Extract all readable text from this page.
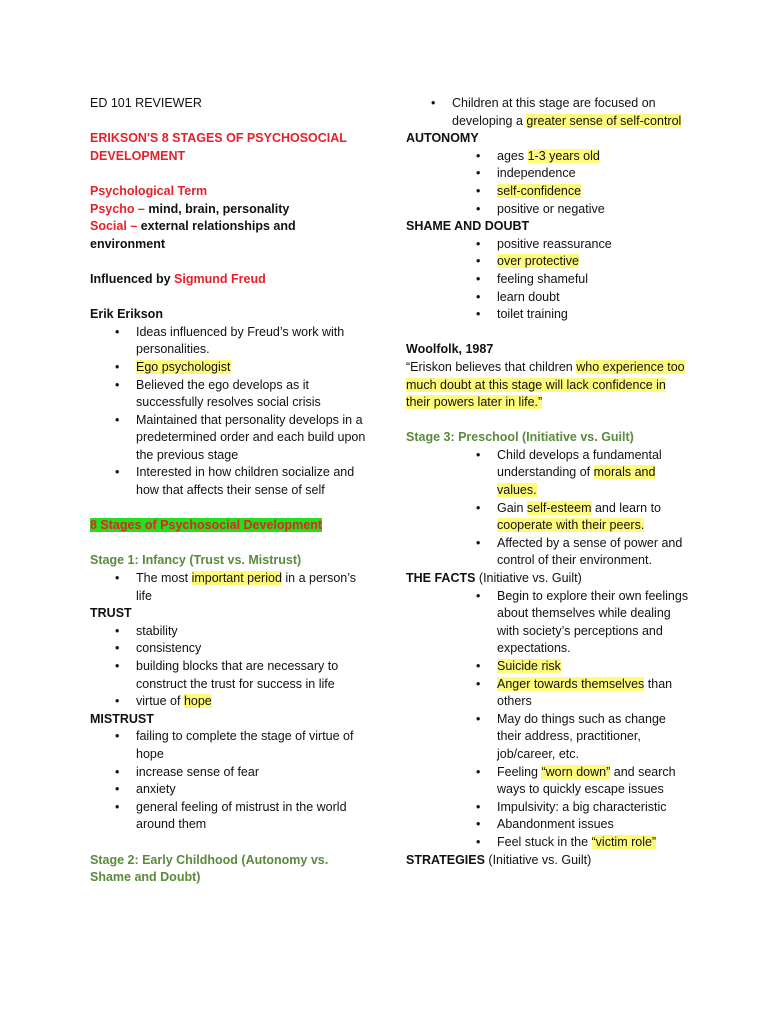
ED 101 REVIEWER

ERIKSON'S 8 STAGES OF PSYCHOSOCIAL DEVELOPMENT

Psychological Term

Psycho – mind, brain, personality

Social – external relationships and environment

Influenced by Sigmund Freud

Erik Erikson

• Ideas influenced by Freud’s work with personalities.
• Ego psychologist
• Believed the ego develops as it successfully resolves social crisis
• Maintained that personality develops in a predetermined order and each build upon the previous stage
• Interested in how children socialize and how that affects their sense of self

8 Stages of Psychosocial Development

Stage 1: Infancy (Trust vs. Mistrust)

• The most important period in a person’s life

TRUST

• stability
• consistency
• building blocks that are necessary to construct the trust for success in life
• virtue of hope

MISTRUST

• failing to complete the stage of virtue of hope
• increase sense of fear
• anxiety
• general feeling of mistrust in the world around them

Stage 2: Early Childhood (Autonomy vs. Shame and Doubt)

• Children at this stage are focused on developing a greater sense of self-control

AUTONOMY

• ages 1-3 years old
• independence
• self-confidence
• positive or negative

SHAME AND DOUBT

• positive reassurance
• over protective
• feeling shameful
• learn doubt
• toilet training

Woolfolk, 1987

“Eriskon believes that children who experience too much doubt at this stage will lack confidence in their powers later in life.”

Stage 3: Preschool (Initiative vs. Guilt)

• Child develops a fundamental understanding of morals and values.
• Gain self-esteem and learn to cooperate with their peers.
• Affected by a sense of power and control of their environment.

THE FACTS (Initiative vs. Guilt)

• Begin to explore their own feelings about themselves while dealing with society’s perceptions and expectations.
• Suicide risk
• Anger towards themselves than others
• May do things such as change their address, practitioner, job/career, etc.
• Feeling “worn down” and search ways to quickly escape issues
• Impulsivity: a big characteristic
• Abandonment issues
• Feel stuck in the “victim role”

STRATEGIES (Initiative vs. Guilt)
